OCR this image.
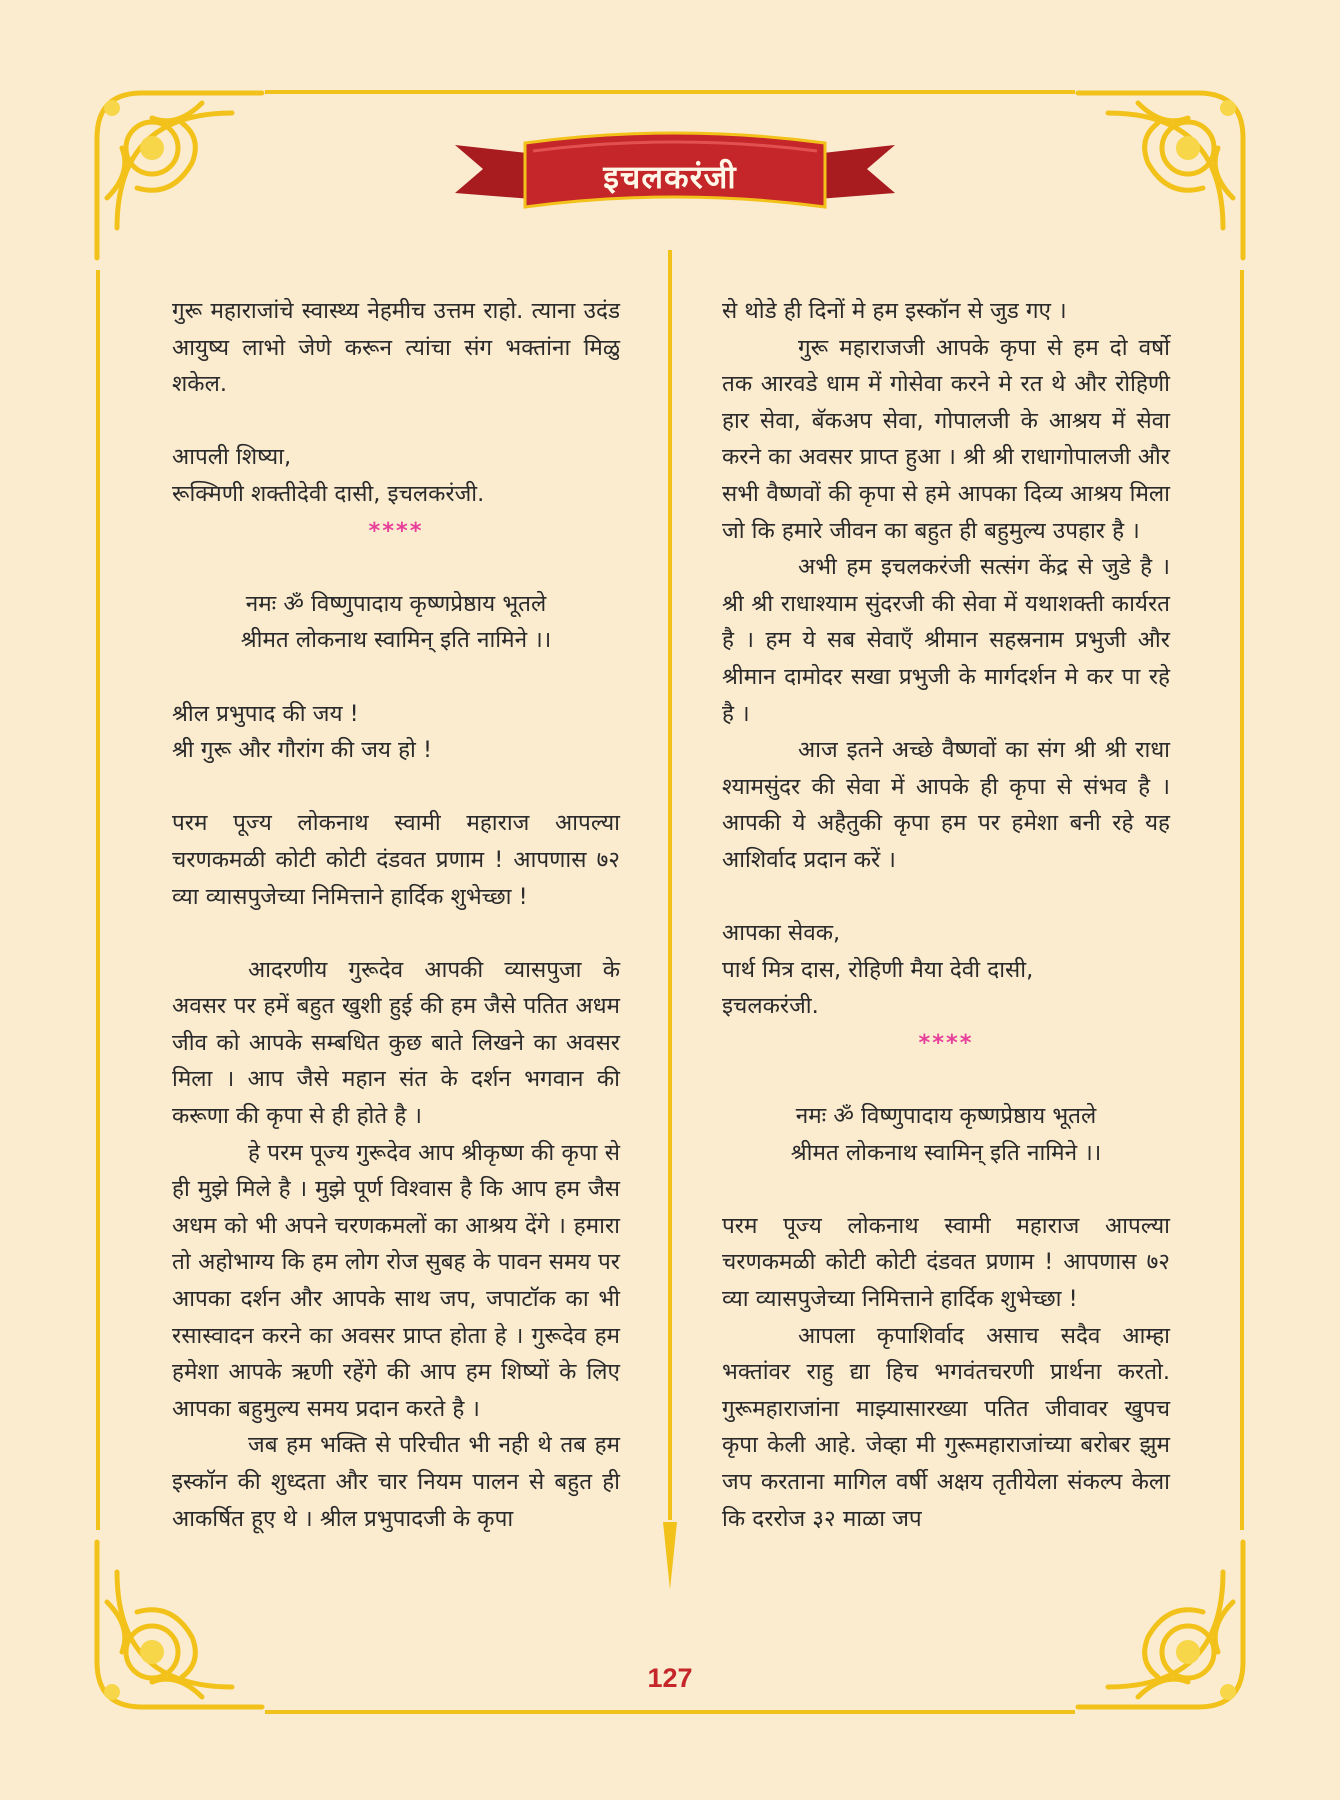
इचलकरंजी

गुरू महाराजांचे स्वास्थ्य नेहमीच उत्तम राहो. त्याना उदंड आयुष्य लाभो जेणे करून त्यांचा संग भक्तांना मिळु शकेल.

आपली शिष्या,

रूक्मिणी शक्तीदेवी दासी, इचलकरंजी.

****

नमः ॐ विष्णुपादाय कृष्णप्रेष्ठाय भूतले

श्रीमत लोकनाथ स्वामिन् इति नामिने ।।

श्रील प्रभुपाद की जय !

श्री गुरू और गौरांग की जय हो !

परम पूज्य लोकनाथ स्वामी महाराज आपल्या चरणकमळी कोटी कोटी दंडवत प्रणाम ! आपणास ७२ व्या व्यासपुजेच्या निमित्ताने हार्दिक शुभेच्छा !

आदरणीय गुरूदेव आपकी व्यासपुजा के अवसर पर हमें बहुत खुशी हुई की हम जैसे पतित अधम जीव को आपके सम्बधित कुछ बाते लिखने का अवसर मिला । आप जैसे महान संत के दर्शन भगवान की करूणा की कृपा से ही होते है ।

हे परम पूज्य गुरूदेव आप श्रीकृष्ण की कृपा से ही मुझे मिले है । मुझे पूर्ण विश्वास है कि आप हम जैस अधम को भी अपने चरणकमलों का आश्रय देंगे । हमारा तो अहोभाग्य कि हम लोग रोज सुबह के पावन समय पर आपका दर्शन और आपके साथ जप, जपाटॉक का भी रसास्वादन करने का अवसर प्राप्त होता हे । गुरूदेव हम हमेशा आपके ऋणी रहेंगे की आप हम शिष्यों के लिए आपका बहुमुल्य समय प्रदान करते है ।

जब हम भक्ति से परिचीत भी नही थे तब हम इस्कॉन की शुध्दता और चार नियम पालन से बहुत ही आकर्षित हूए थे । श्रील प्रभुपादजी के कृपा

से थोडे ही दिनों मे हम इस्कॉन से जुड गए ।

गुरू महाराजजी आपके कृपा से हम दो वर्षो तक आरवडे धाम में गोसेवा करने मे रत थे और रोहिणी हार सेवा, बॅकअप सेवा, गोपालजी के आश्रय में सेवा करने का अवसर प्राप्त हुआ । श्री श्री राधागोपालजी और सभी वैष्णवों की कृपा से हमे आपका दिव्य आश्रय मिला जो कि हमारे जीवन का बहुत ही बहुमुल्य उपहार है ।

अभी हम इचलकरंजी सत्संग केंद्र से जुडे है । श्री श्री राधाश्याम सुंदरजी की सेवा में यथाशक्ती कार्यरत है । हम ये सब सेवाएँ श्रीमान सहस्रनाम प्रभुजी और श्रीमान दामोदर सखा प्रभुजी के मार्गदर्शन मे कर पा रहे है ।

आज इतने अच्छे वैष्णवों का संग श्री श्री राधा श्यामसुंदर की सेवा में आपके ही कृपा से संभव है । आपकी ये अहैतुकी कृपा हम पर हमेशा बनी रहे यह आशिर्वाद प्रदान करें ।

आपका सेवक,

पार्थ मित्र दास, रोहिणी मैया देवी दासी,

इचलकरंजी.

****

नमः ॐ विष्णुपादाय कृष्णप्रेष्ठाय भूतले

श्रीमत लोकनाथ स्वामिन् इति नामिने ।।

परम पूज्य लोकनाथ स्वामी महाराज आपल्या चरणकमळी कोटी कोटी दंडवत प्रणाम ! आपणास ७२ व्या व्यासपुजेच्या निमित्ताने हार्दिक शुभेच्छा !

आपला कृपाशिर्वाद असाच सदैव आम्हा भक्तांवर राहु द्या हिच भगवंतचरणी प्रार्थना करतो. गुरूमहाराजांना माझ्यासारख्या पतित जीवावर खुपच कृपा केली आहे. जेव्हा मी गुरूमहाराजांच्या बरोबर झुम जप करताना मागिल वर्षी अक्षय तृतीयेला संकल्प केला कि दररोज ३२ माळा जप

127
